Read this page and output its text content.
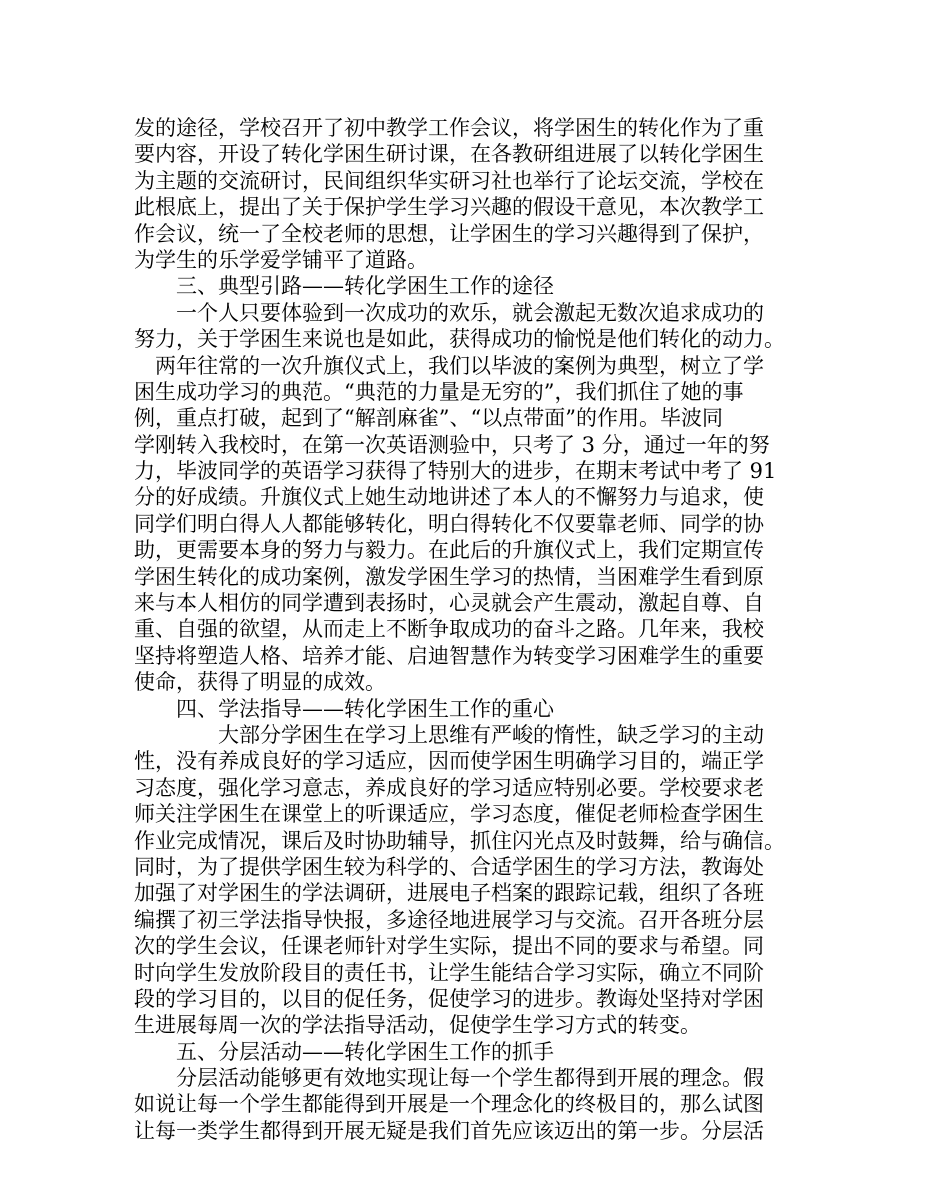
发的途径，学校召开了初中教学工作会议，将学困生的转化作为了重
要内容，开设了转化学困生研讨课，在各教研组进展了以转化学困生
为主题的交流研讨，民间组织华实研习社也举行了论坛交流，学校在
此根底上，提出了关于保护学生学习兴趣的假设干意见，本次教学工
作会议，统一了全校老师的思想，让学困生的学习兴趣得到了保护，
为学生的乐学爱学铺平了道路。
　　三、典型引路——转化学困生工作的途径
　　一个人只要体验到一次成功的欢乐，就会激起无数次追求成功的
努力，关于学困生来说也是如此，获得成功的愉悦是他们转化的动力。
　两年往常的一次升旗仪式上，我们以毕波的案例为典型，树立了学
困生成功学习的典范。“典范的力量是无穷的”，我们抓住了她的事
例，重点打破，起到了“解剖麻雀”、“以点带面”的作用。毕波同
学刚转入我校时，在第一次英语测验中，只考了 3 分，通过一年的努
力，毕波同学的英语学习获得了特别大的进步，在期末考试中考了 91
分的好成绩。升旗仪式上她生动地讲述了本人的不懈努力与追求，使
同学们明白得人人都能够转化，明白得转化不仅要靠老师、同学的协
助，更需要本身的努力与毅力。在此后的升旗仪式上，我们定期宣传
学困生转化的成功案例，激发学困生学习的热情，当困难学生看到原
来与本人相仿的同学遭到表扬时，心灵就会产生震动，激起自尊、自
重、自强的欲望，从而走上不断争取成功的奋斗之路。几年来，我校
坚持将塑造人格、培养才能、启迪智慧作为转变学习困难学生的重要
使命，获得了明显的成效。
　　四、学法指导——转化学困生工作的重心
　　　　大部分学困生在学习上思维有严峻的惰性，缺乏学习的主动
性，没有养成良好的学习适应，因而使学困生明确学习目的，端正学
习态度，强化学习意志，养成良好的学习适应特别必要。学校要求老
师关注学困生在课堂上的听课适应，学习态度，催促老师检查学困生
作业完成情况，课后及时协助辅导，抓住闪光点及时鼓舞，给与确信。
同时，为了提供学困生较为科学的、合适学困生的学习方法，教诲处
加强了对学困生的学法调研，进展电子档案的跟踪记载，组织了各班
编撰了初三学法指导快报，多途径地进展学习与交流。召开各班分层
次的学生会议，任课老师针对学生实际，提出不同的要求与希望。同
时向学生发放阶段目的责任书，让学生能结合学习实际，确立不同阶
段的学习目的，以目的促任务，促使学习的进步。教诲处坚持对学困
生进展每周一次的学法指导活动，促使学生学习方式的转变。
　　五、分层活动——转化学困生工作的抓手
　　分层活动能够更有效地实现让每一个学生都得到开展的理念。假
如说让每一个学生都能得到开展是一个理念化的终极目的，那么试图
让每一类学生都得到开展无疑是我们首先应该迈出的第一步。分层活
